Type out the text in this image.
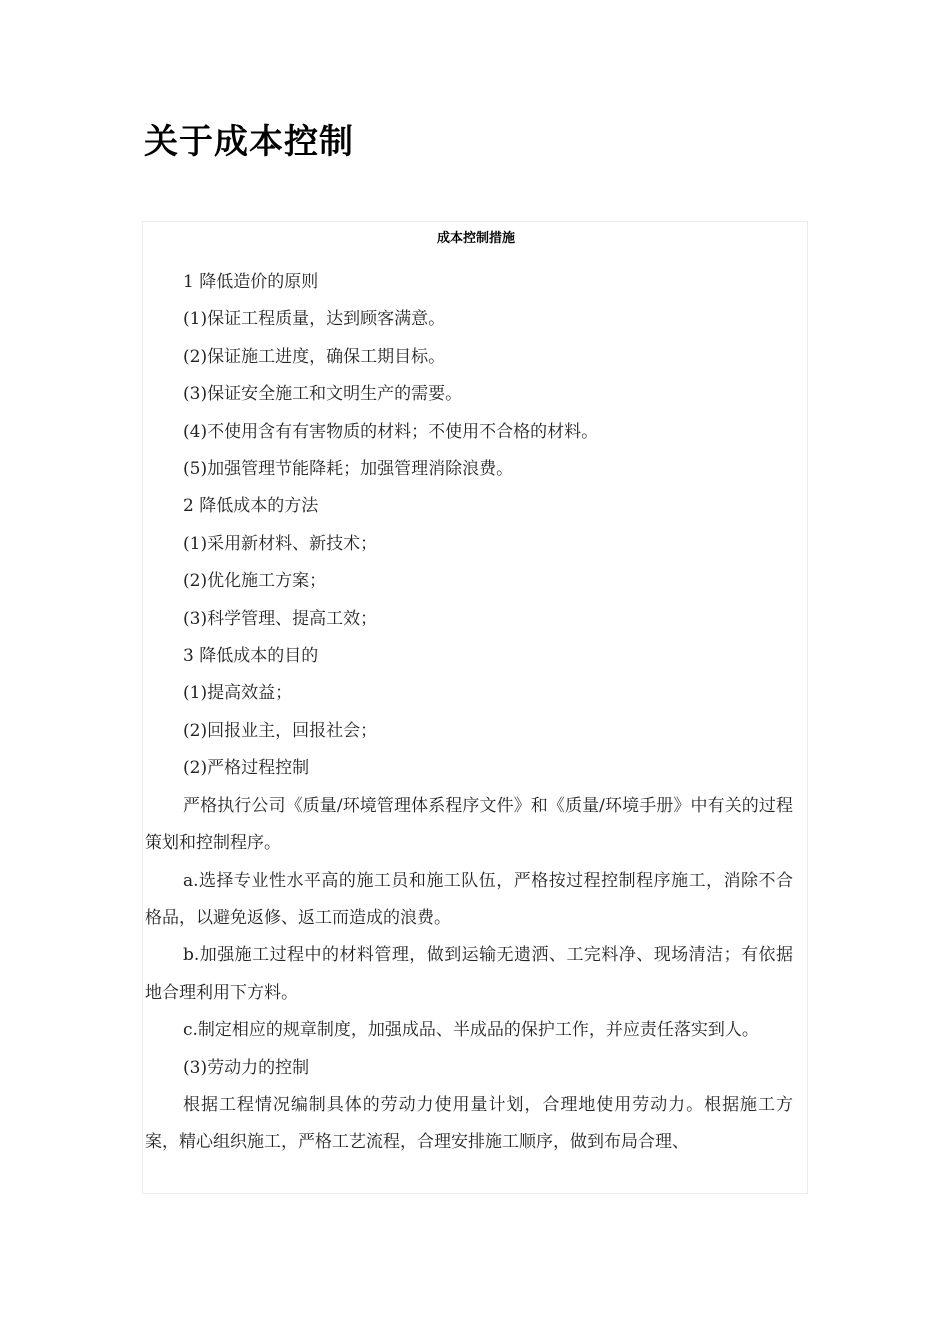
关于成本控制
成本控制措施

1 降低造价的原则

(1)保证工程质量，达到顾客满意。

(2)保证施工进度，确保工期目标。

(3)保证安全施工和文明生产的需要。

(4)不使用含有有害物质的材料；不使用不合格的材料。

(5)加强管理节能降耗；加强管理消除浪费。

2 降低成本的方法

(1)采用新材料、新技术；

(2)优化施工方案；

(3)科学管理、提高工效；

3 降低成本的目的

(1)提高效益；

(2)回报业主，回报社会；

(2)严格过程控制

严格执行公司《质量/环境管理体系程序文件》和《质量/环境手册》中有关的过程策划和控制程序。

a.选择专业性水平高的施工员和施工队伍，严格按过程控制程序施工，消除不合格品，以避免返修、返工而造成的浪费。

b.加强施工过程中的材料管理，做到运输无遗洒、工完料净、现场清洁；有依据地合理利用下方料。

c.制定相应的规章制度，加强成品、半成品的保护工作，并应责任落实到人。

(3)劳动力的控制

根据工程情况编制具体的劳动力使用量计划，合理地使用劳动力。根据施工方案，精心组织施工，严格工艺流程，合理安排施工顺序，做到布局合理、
